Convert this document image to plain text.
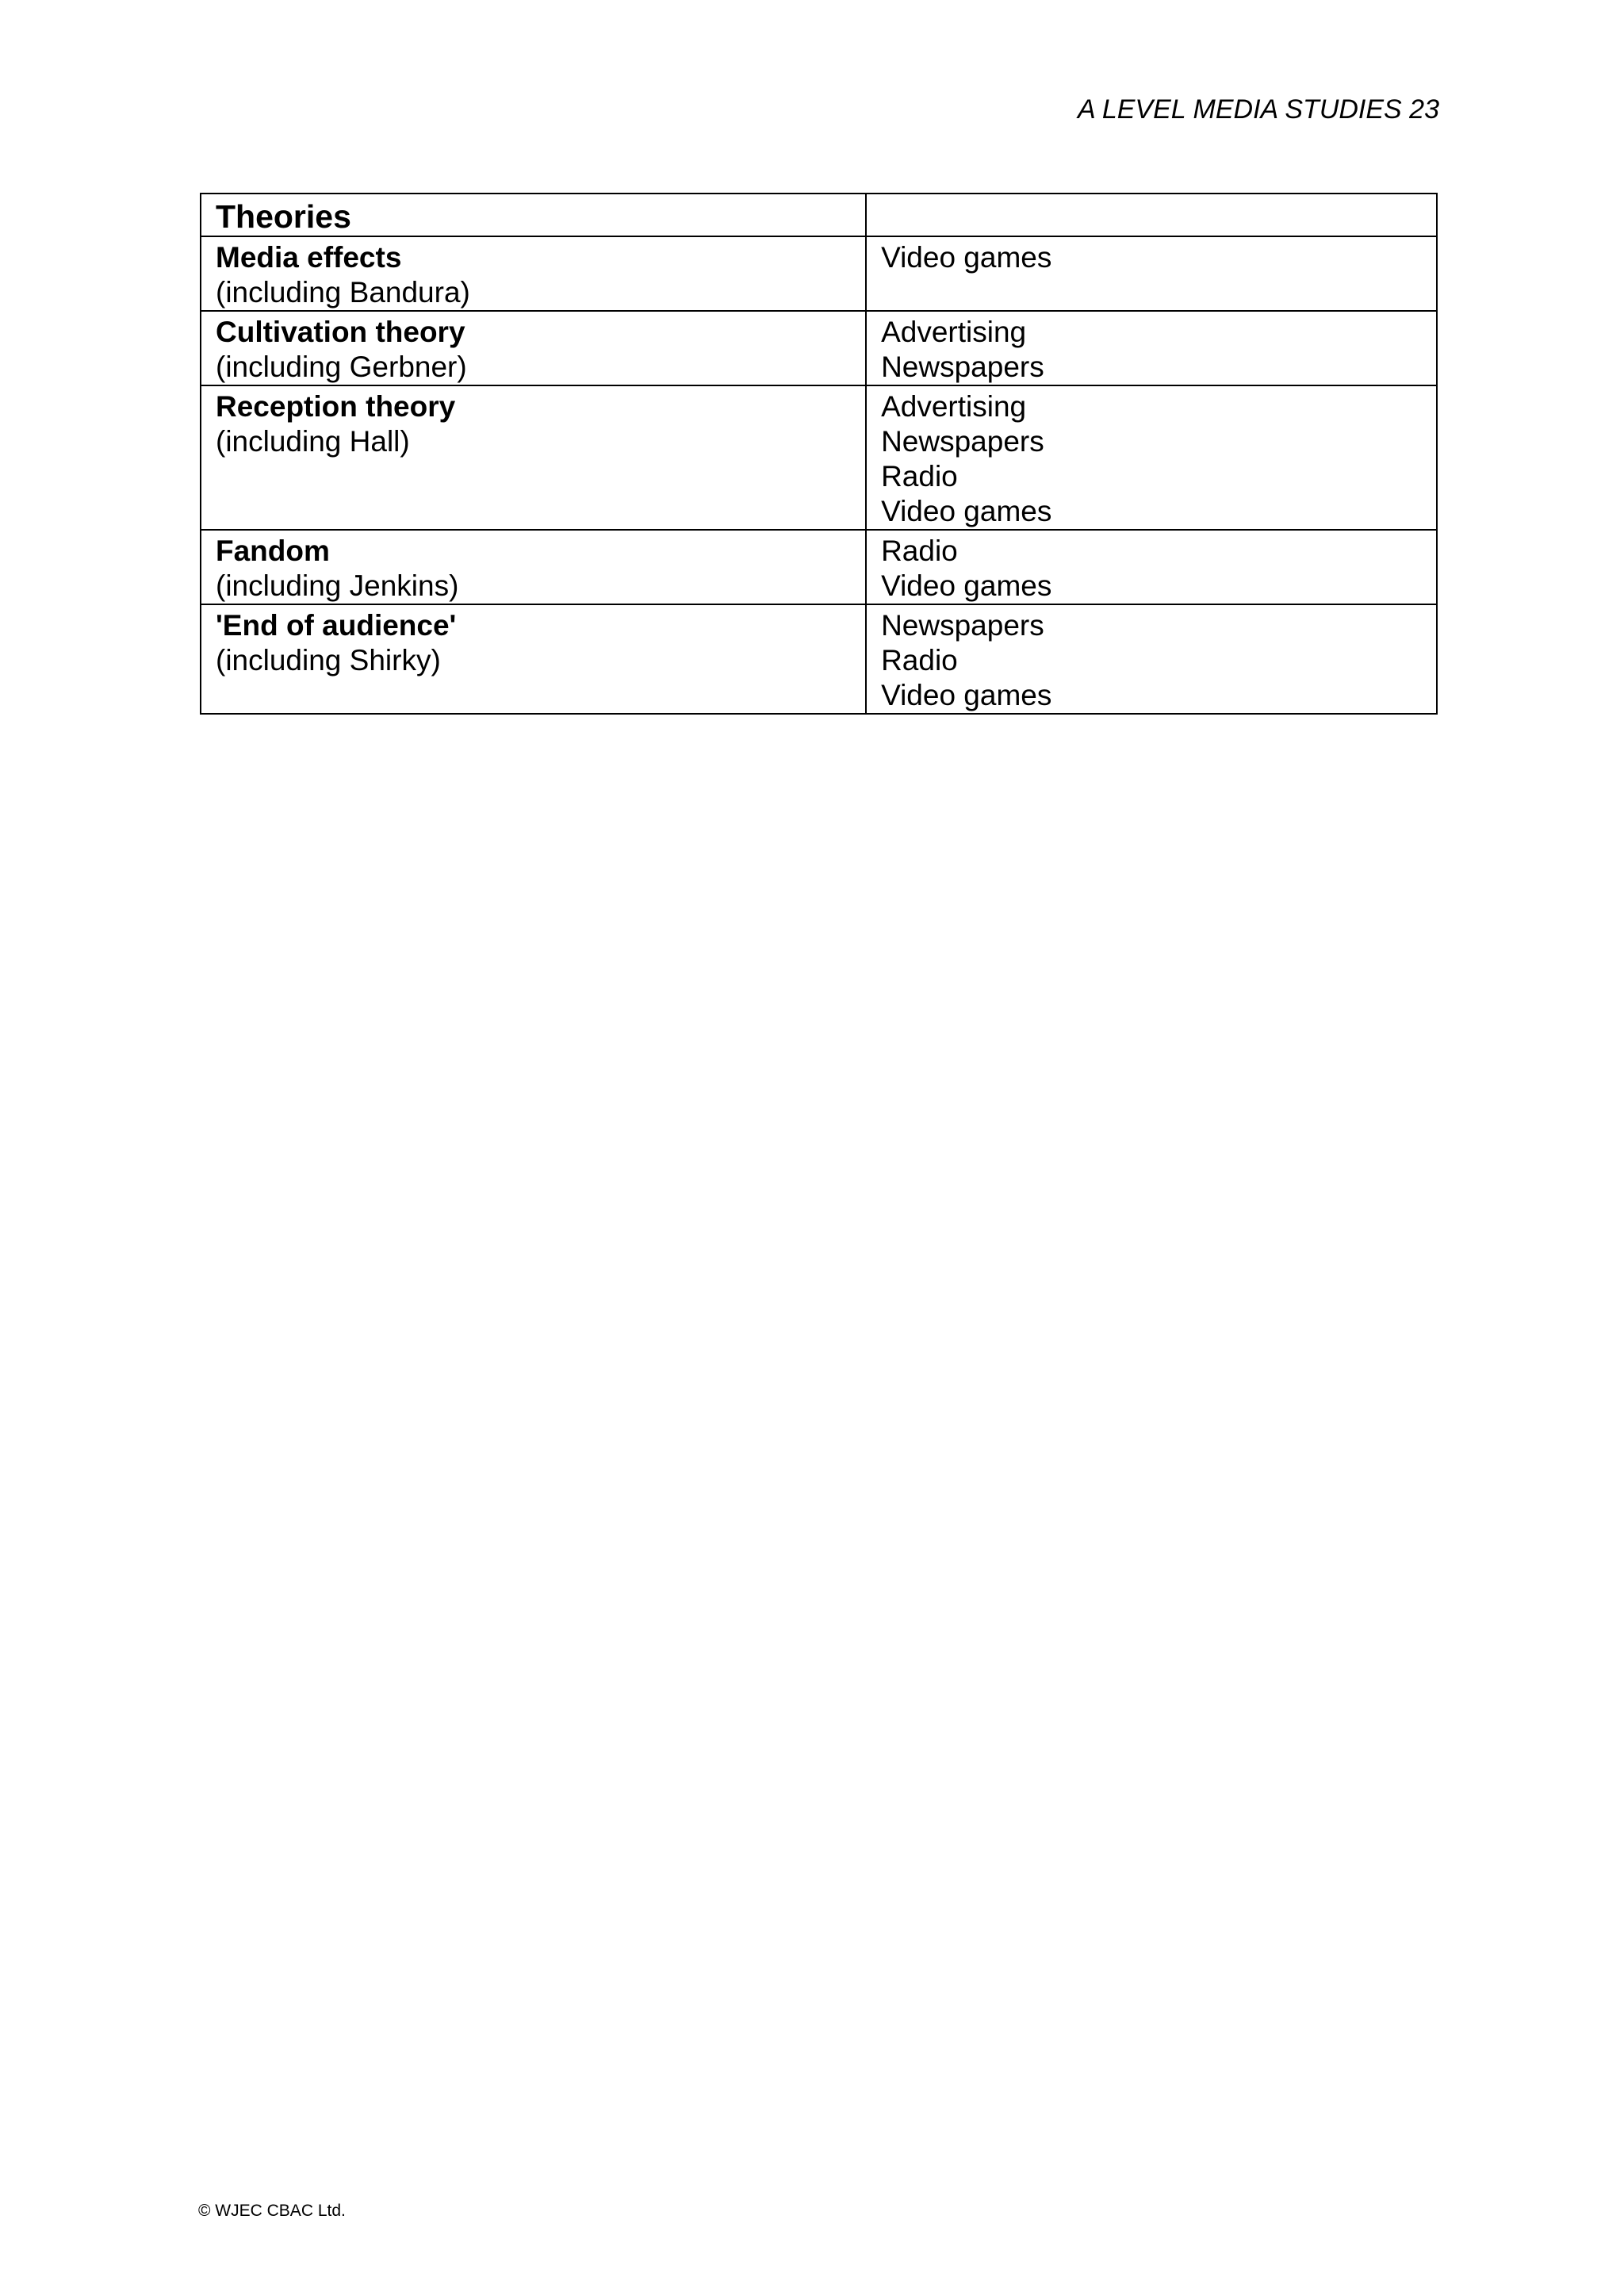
A LEVEL MEDIA STUDIES 23
Theories	

Media effects
(including Bandura)	Video games

Cultivation theory
(including Gerbner)	Advertising
Newspapers

Reception theory
(including Hall)	Advertising
Newspapers
Radio
Video games

Fandom
(including Jenkins)	Radio
Video games

'End of audience'
(including Shirky)	Newspapers
Radio
Video games
© WJEC CBAC Ltd.
